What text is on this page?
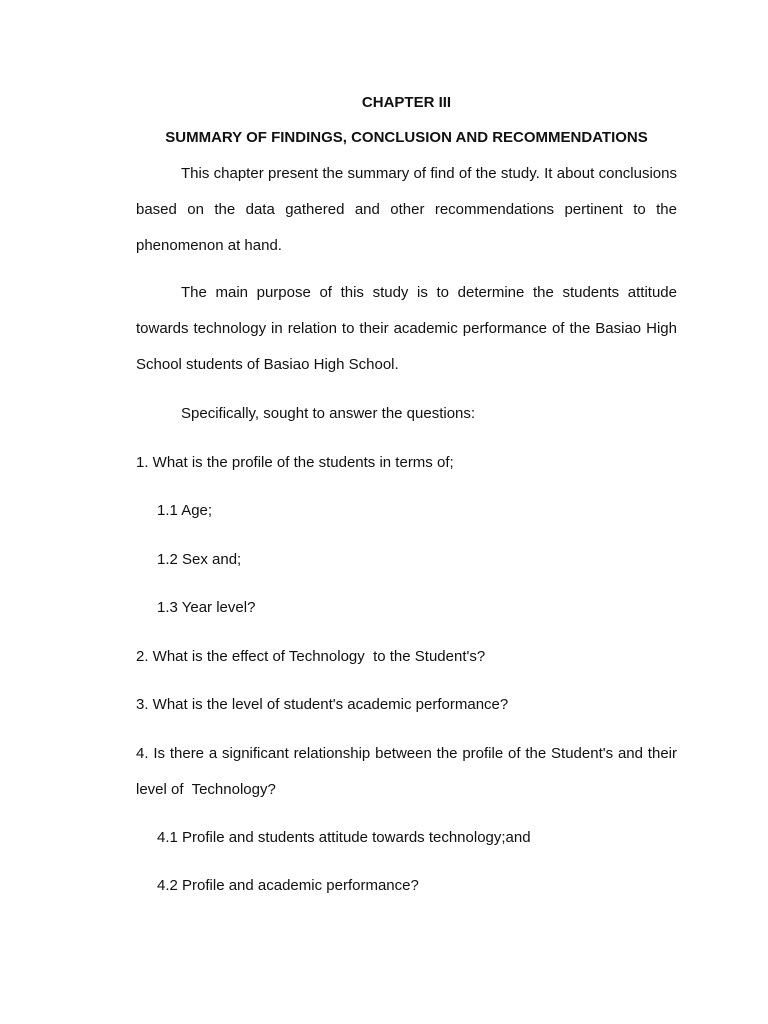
CHAPTER III
SUMMARY OF FINDINGS, CONCLUSION AND RECOMMENDATIONS
This chapter present the summary of find of the study. It about conclusions based on the data gathered and other recommendations pertinent to the phenomenon at hand.
The main purpose of this study is to determine the students attitude towards technology in relation to their academic performance of the Basiao High School students of Basiao High School.
Specifically, sought to answer the questions:
1. What is the profile of the students in terms of;
1.1 Age;
1.2 Sex and;
1.3 Year level?
2. What is the effect of Technology  to the Student's?
3. What is the level of student's academic performance?
4. Is there a significant relationship between the profile of the Student's and their level of  Technology?
4.1 Profile and students attitude towards technology;and
4.2 Profile and academic performance?
